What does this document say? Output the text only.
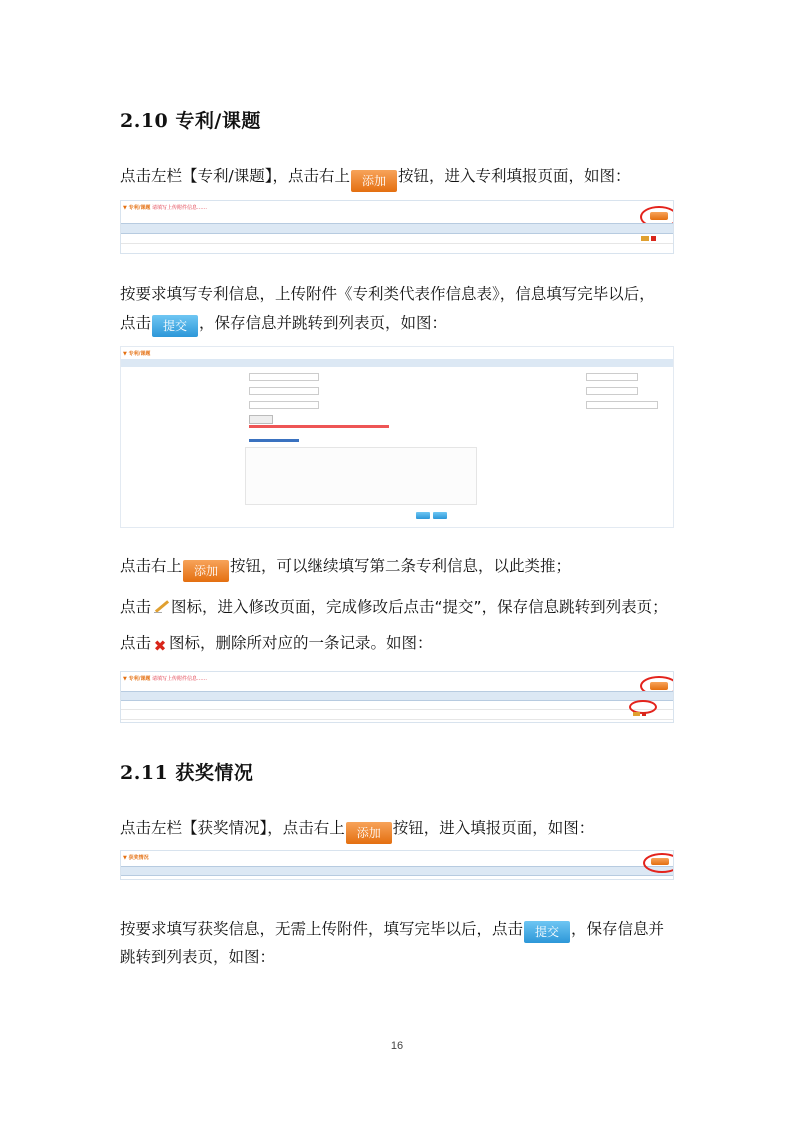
2.10 专利/课题
点击左栏【专利/课题】，点击右上 添加 按钮，进入专利填报页面，如图：
▼ 专利/课题 请填写上传附件信息……
按要求填写专利信息，上传附件《专利类代表作信息表》，信息填写完毕以后，
点击 提交 ，保存信息并跳转到列表页，如图：
▼ 专利/课题
点击右上 添加 按钮，可以继续填写第二条专利信息，以此类推；
点击 图标，进入修改页面，完成修改后点击“提交”，保存信息跳转到列表页；
点击 ✖ 图标，删除所对应的一条记录。如图：
▼ 专利/课题 请填写上传附件信息……
2.11 获奖情况
点击左栏【获奖情况】，点击右上 添加 按钮，进入填报页面，如图：
▼ 获奖情况
按要求填写获奖信息，无需上传附件，填写完毕以后，点击 提交 ，保存信息并
跳转到列表页，如图：
16
